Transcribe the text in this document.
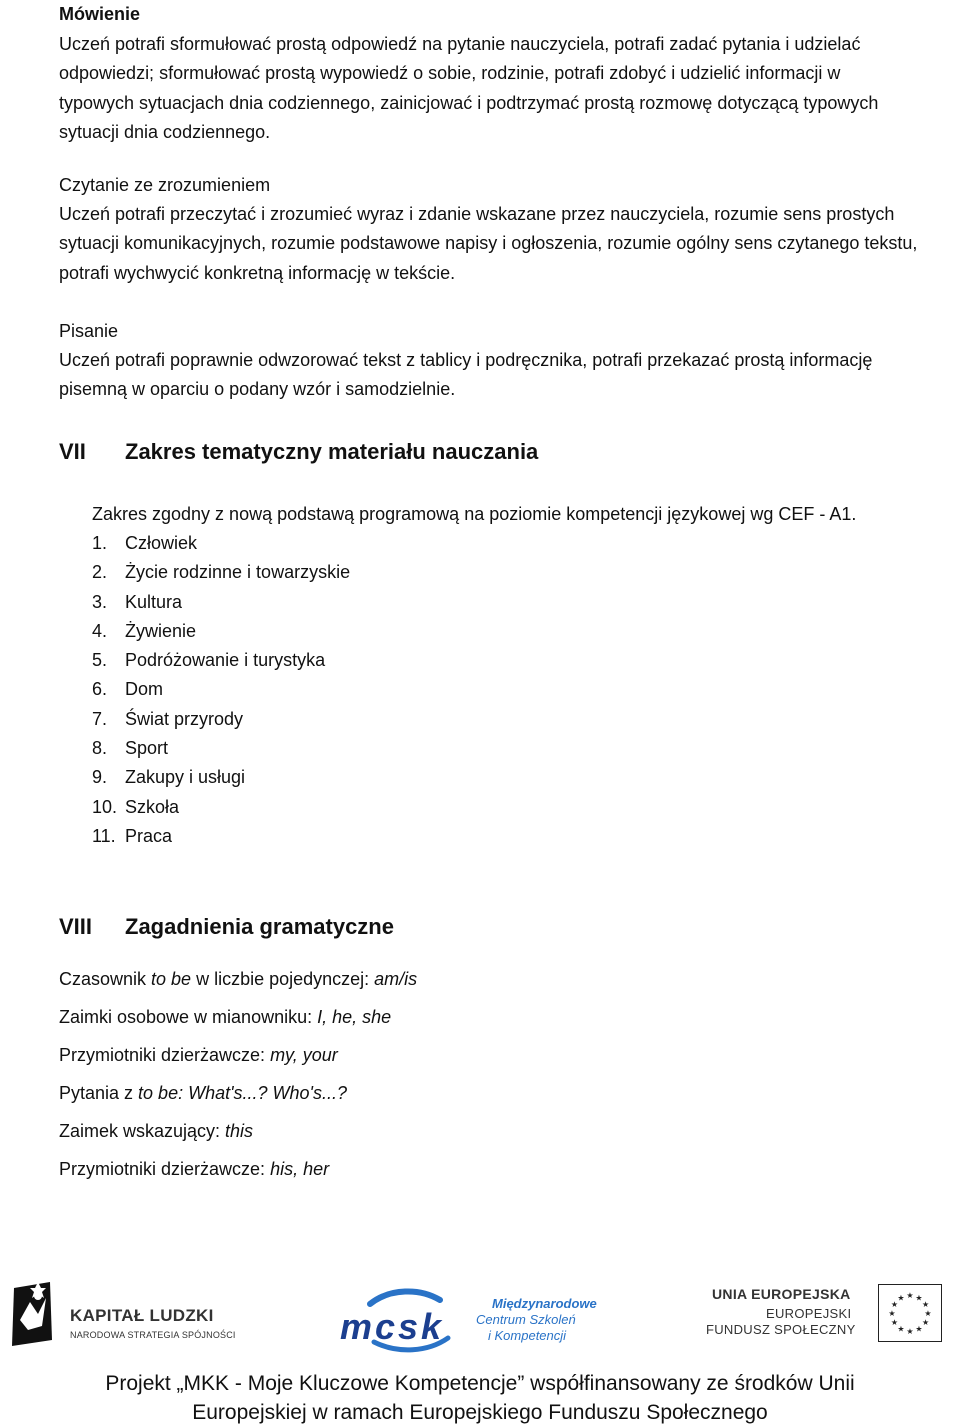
Mówienie
Uczeń potrafi sformułować prostą odpowiedź na pytanie nauczyciela, potrafi zadać pytania i udzielać odpowiedzi; sformułować prostą wypowiedź o sobie, rodzinie, potrafi zdobyć i udzielić informacji w typowych sytuacjach dnia codziennego, zainicjować i podtrzymać prostą rozmowę dotyczącą typowych sytuacji dnia codziennego.
Czytanie ze zrozumieniem
Uczeń potrafi przeczytać i zrozumieć wyraz i zdanie wskazane przez nauczyciela, rozumie sens prostych sytuacji komunikacyjnych, rozumie podstawowe napisy i ogłoszenia, rozumie ogólny sens czytanego tekstu, potrafi wychwycić konkretną informację w tekście.
Pisanie
Uczeń potrafi poprawnie odwzorować tekst z tablicy i podręcznika, potrafi przekazać prostą informację pisemną w oparciu o podany wzór i samodzielnie.
VII Zakres tematyczny materiału nauczania
Zakres zgodny z nową podstawą programową na poziomie kompetencji językowej wg CEF - A1.
1. Człowiek
2. Życie rodzinne i towarzyskie
3. Kultura
4. Żywienie
5. Podróżowanie i turystyka
6. Dom
7. Świat przyrody
8. Sport
9. Zakupy i usługi
10. Szkoła
11. Praca
VIII Zagadnienia gramatyczne
Czasownik to be w liczbie pojedynczej: am/is
Zaimki osobowe w mianowniku: I, he, she
Przymiotniki dzierżawcze: my, your
Pytania z to be: What's...? Who's...?
Zaimek wskazujący: this
Przymiotniki dzierżawcze: his, her
KAPITAŁ LUDZKI
NARODOWA STRATEGIA SPÓJNOŚCI	mcsk
Międzynarodowe
Centrum Szkoleń
i Kompetencji
UNIA EUROPEJSKA
EUROPEJSKI
FUNDUSZ SPOŁECZNY
★ ★
★
★
★
★
★
★
★
★
★
★
Projekt „MKK - Moje Kluczowe Kompetencje” współfinansowany ze środków Unii
Europejskiej w ramach Europejskiego Funduszu Społecznego
